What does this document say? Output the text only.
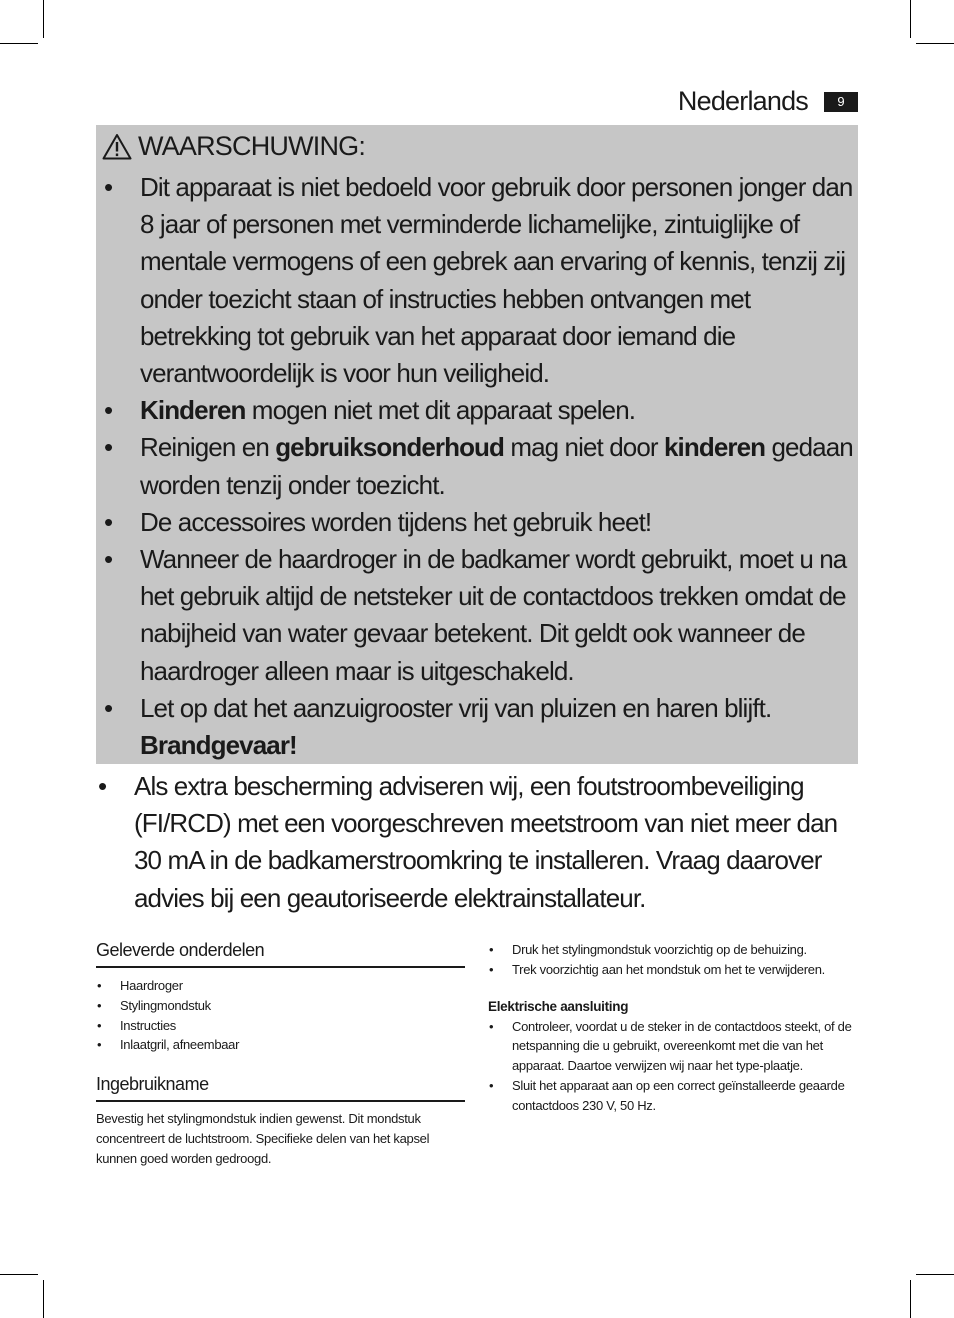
Nederlands	9
WAARSCHUWING:
• Dit apparaat is niet bedoeld voor gebruik door personen jonger dan 8 jaar of personen met verminderde lichamelijke, zintuiglijke of mentale vermogens of een gebrek aan ervaring of kennis, tenzij zij onder toezicht staan of instructies hebben ontvangen met betrekking tot gebruik van het apparaat door iemand die verantwoordelijk is voor hun veiligheid.
• Kinderen mogen niet met dit apparaat spelen.
• Reinigen en gebruiksonderhoud mag niet door kinderen gedaan worden tenzij onder toezicht.
• De accessoires worden tijdens het gebruik heet!
• Wanneer de haardroger in de badkamer wordt gebruikt, moet u na het gebruik altijd de netsteker uit de contactdoos trekken omdat de nabijheid van water gevaar betekent. Dit geldt ook wanneer de haardroger alleen maar is uitgeschakeld.
• Let op dat het aanzuigrooster vrij van pluizen en haren blijft. Brandgevaar!
• Als extra bescherming adviseren wij, een foutstroombeveiliging (FI/RCD) met een voorgeschreven meetstroom van niet meer dan 30 mA in de badkamerstroomkring te installeren. Vraag daarover advies bij een geautoriseerde elektrainstallateur.
Geleverde onderdelen
• Haardroger
• Stylingmondstuk
• Instructies
• Inlaatgril, afneembaar
Ingebruikname

Bevestig het stylingmondstuk indien gewenst. Dit mondstuk concentreert de luchtstroom. Specifieke delen van het kapsel kunnen goed worden gedroogd.

• Druk het stylingmondstuk voorzichtig op de behuizing.
• Trek voorzichtig aan het mondstuk om het te verwijderen.
Elektrische aansluiting
• Controleer, voordat u de steker in de contactdoos steekt, of de netspanning die u gebruikt, overeenkomt met die van het apparaat. Daartoe verwijzen wij naar het type-plaatje.
• Sluit het apparaat aan op een correct geïnstalleerde geaarde contactdoos 230 V, 50 Hz.
